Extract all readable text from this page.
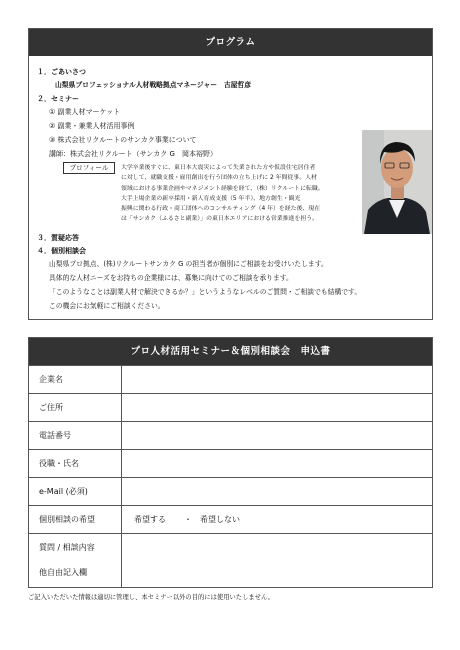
プログラム
１．ごあいさつ
山梨県プロフェッショナル人材戦略拠点マネージャー　古屋哲彦
２．セミナー
① 副業人材マーケット
② 副業・兼業人材活用事例
③ 株式会社リクルートのサンカク事業について
講師：株式会社リクルート（サンカク G　岡本裕野）
プロフィール	大学卒業後すぐに、東日本大震災によって失業された方や仮設住宅居住者
に対して、就職支援・雇用創出を行う団体の立ち上げに 2 年間従事。人材
領域における事業企画やマネジメント経験を経て、（株）リクルートに転職。
大手上場企業の新卒採用・新人育成支援（5 年半）、地方創生・観光
振興に関わる行政・商工団体へのコンサルティング（4 年）を経た後、現在
は「サンカク（ふるさと副業）」の東日本エリアにおける営業推進を担う。
３．質疑応答
４．個別相談会
山梨県プロ拠点、(株)リクルートサンカク G の担当者が個別にご相談をお受けいたします。
具体的な人材ニーズをお持ちの企業様には、募集に向けてのご相談を承ります。
「このようなことは副業人材で解決できるか？」というようなレベルのご質問・ご相談でも結構です。
この機会にお気軽にご相談ください。
プロ人材活用セミナー＆個別相談会　申込書
企業名
ご住所
電話番号
役職・氏名
e-Mail (必須)
個別相談の希望	希望する ・ 希望しない
質問 / 相談内容
他自由記入欄
ご記入いただいた情報は適切に管理し、本セミナー以外の目的には使用いたしません。
